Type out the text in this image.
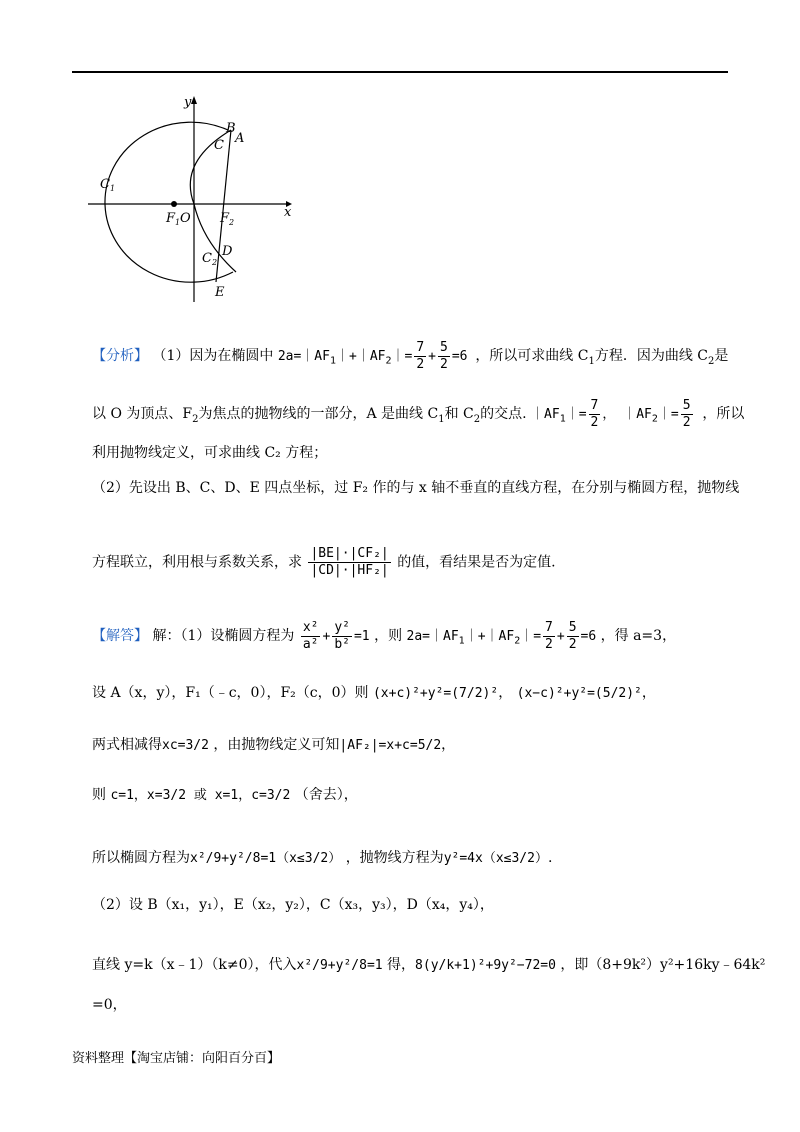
y
x
B
A
C
$C_1$
$F_1$ O $F_2$
D
$C_2$
E
【分析】 （1）因为在椭圆中 $2a=|AF_1|+|AF_2|= \frac{7}{2} + \frac{5}{2} =6$ ，所以可求曲线 $C_1$方程．因为曲线 $C_2$是
以 O 为顶点、$F_2$为焦点的抛物线的一部分，A 是曲线 $C_1$和 $C_2$的交点. $|AF_1|= \frac{7}{2}$ ， $|AF_2|= \frac{5}{2}$ ，所以
利用抛物线定义，可求曲线 C₂ 方程；
（2）先设出 B、C、D、E 四点坐标，过 F₂ 作的与 x 轴不垂直的直线方程，在分别与椭圆方程，抛物线
方程联立，利用根与系数关系，求 $\frac{\text{|BE|·|CF₂|}}{\text{|CD|·|HF₂|}}$ 的值，看结果是否为定值.
【解答】 解：（1）设椭圆方程为 $\frac{\text{x²}}{\text{a²}} + \frac{\text{y²}}{\text{b²}} =1$ ，则 $2a=|AF_1|+|AF_2|= \frac{7}{2} + \frac{5}{2} =6$ ，得 a=3，
设 A（x，y），F₁（﹣c，0），F₂（c，0）则 (x+c)²+y²=(7/2)²， (x−c)²+y²=(5/2)²，
两式相减得xc=3/2 ，由抛物线定义可知|AF₂|=x+c=5/2，
则 c=1，x=3/2 或 x=1，c=3/2 （舍去），
所以椭圆方程为x²/9+y²/8=1（x≤3/2） ，抛物线方程为y²=4x（x≤3/2）.
（2）设 B（x₁，y₁），E（x₂，y₂），C（x₃，y₃），D（x₄，y₄），
直线 y=k（x﹣1）（k≠0），代入x²/9+y²/8=1 得，8(y/k+1)²+9y²−72=0 ，即（8+9k²）y²+16ky﹣64k²
=0，
资料整理【淘宝店铺：向阳百分百】
